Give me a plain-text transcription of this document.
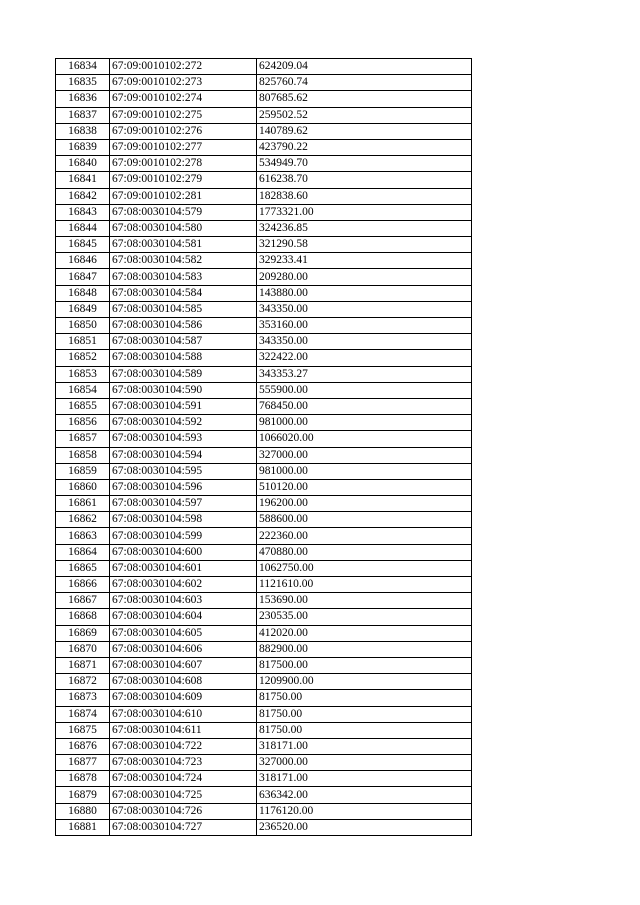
16834	67:09:0010102:272	624209.04
16835	67:09:0010102:273	825760.74
16836	67:09:0010102:274	807685.62
16837	67:09:0010102:275	259502.52
16838	67:09:0010102:276	140789.62
16839	67:09:0010102:277	423790.22
16840	67:09:0010102:278	534949.70
16841	67:09:0010102:279	616238.70
16842	67:09:0010102:281	182838.60
16843	67:08:0030104:579	1773321.00
16844	67:08:0030104:580	324236.85
16845	67:08:0030104:581	321290.58
16846	67:08:0030104:582	329233.41
16847	67:08:0030104:583	209280.00
16848	67:08:0030104:584	143880.00
16849	67:08:0030104:585	343350.00
16850	67:08:0030104:586	353160.00
16851	67:08:0030104:587	343350.00
16852	67:08:0030104:588	322422.00
16853	67:08:0030104:589	343353.27
16854	67:08:0030104:590	555900.00
16855	67:08:0030104:591	768450.00
16856	67:08:0030104:592	981000.00
16857	67:08:0030104:593	1066020.00
16858	67:08:0030104:594	327000.00
16859	67:08:0030104:595	981000.00
16860	67:08:0030104:596	510120.00
16861	67:08:0030104:597	196200.00
16862	67:08:0030104:598	588600.00
16863	67:08:0030104:599	222360.00
16864	67:08:0030104:600	470880.00
16865	67:08:0030104:601	1062750.00
16866	67:08:0030104:602	1121610.00
16867	67:08:0030104:603	153690.00
16868	67:08:0030104:604	230535.00
16869	67:08:0030104:605	412020.00
16870	67:08:0030104:606	882900.00
16871	67:08:0030104:607	817500.00
16872	67:08:0030104:608	1209900.00
16873	67:08:0030104:609	81750.00
16874	67:08:0030104:610	81750.00
16875	67:08:0030104:611	81750.00
16876	67:08:0030104:722	318171.00
16877	67:08:0030104:723	327000.00
16878	67:08:0030104:724	318171.00
16879	67:08:0030104:725	636342.00
16880	67:08:0030104:726	1176120.00
16881	67:08:0030104:727	236520.00
